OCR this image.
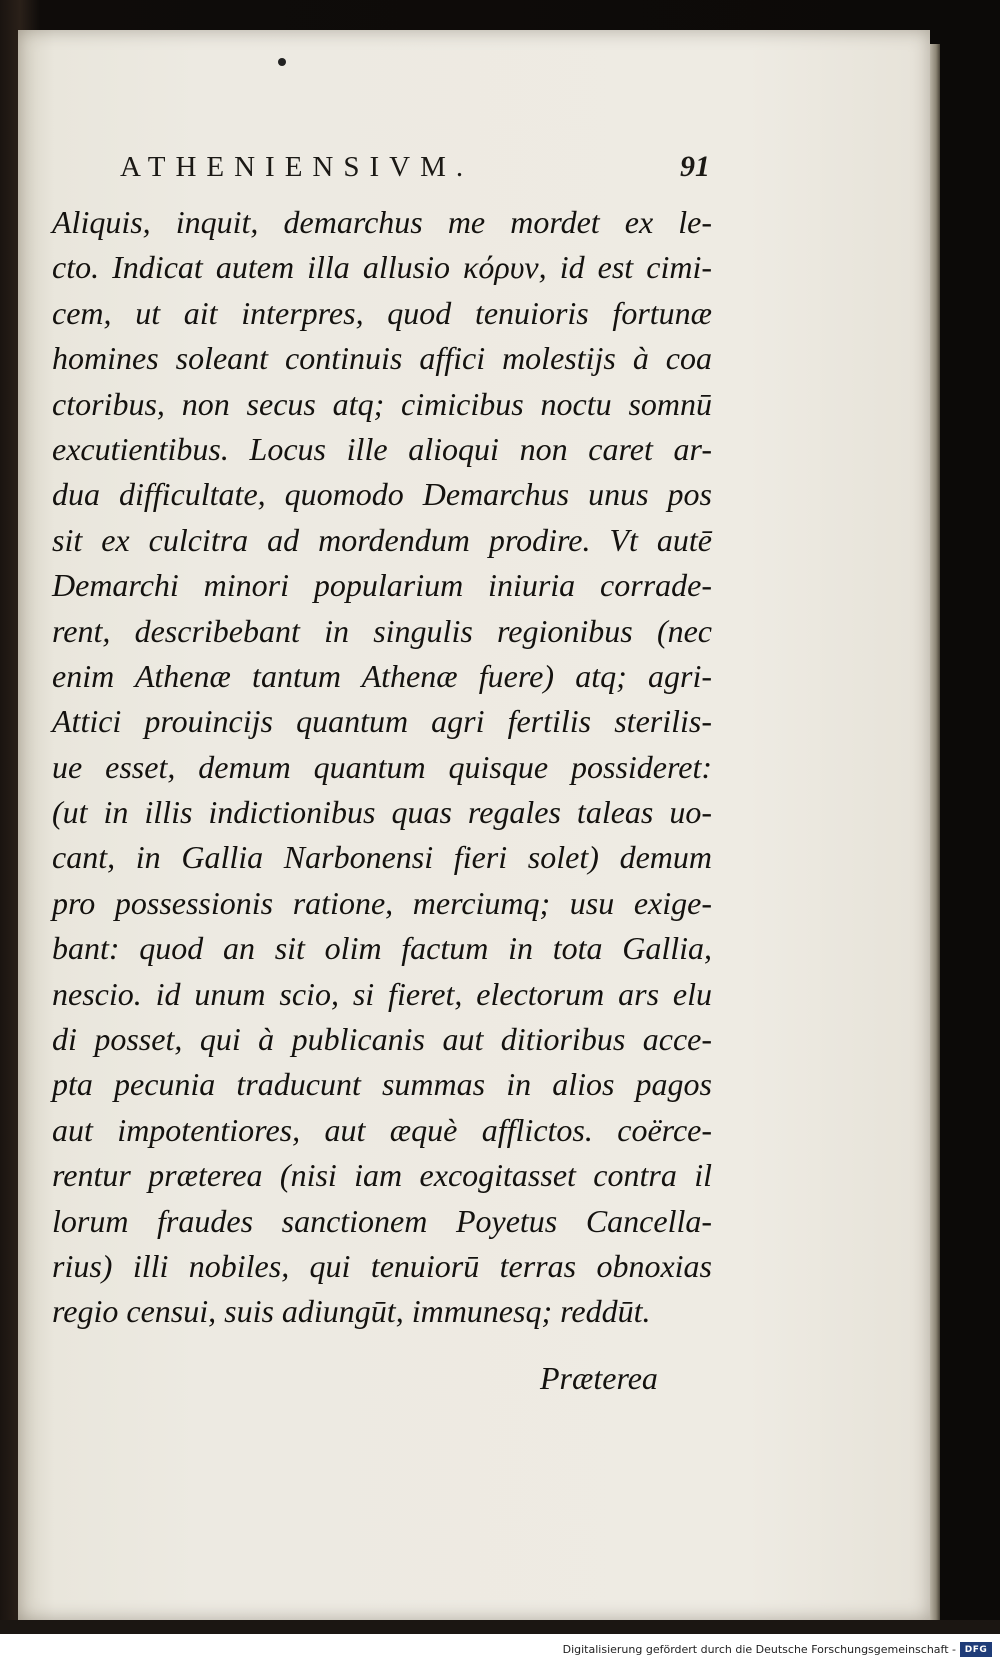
ATHENIENSIVM.	91
Aliquis, inquit, demarchus me mordet ex le-
cto. Indicat autem illa allusio κόρυν, id est cimi-
cem, ut ait interpres, quod tenuioris fortunæ
homines soleant continuis affici molestijs à coa
ctoribus, non secus atq; cimicibus noctu somnū
excutientibus. Locus ille alioqui non caret ar-
dua difficultate, quomodo Demarchus unus pos
sit ex culcitra ad mordendum prodire. Vt autē
Demarchi minori popularium iniuria corrade-
rent, describebant in singulis regionibus (nec
enim Athenæ tantum Athenæ fuere) atq; agri-
Attici prouincijs quantum agri fertilis sterilis-
ue esset, demum quantum quisque possideret:
(ut in illis indictionibus quas regales taleas uo-
cant, in Gallia Narbonensi fieri solet) demum
pro possessionis ratione, merciumq; usu exige-
bant: quod an sit olim factum in tota Gallia,
nescio. id unum scio, si fieret, electorum ars elu
di posset, qui à publicanis aut ditioribus acce-
pta pecunia traducunt summas in alios pagos
aut impotentiores, aut æquè afflictos. coërce-
rentur præterea (nisi iam excogitasset contra il
lorum fraudes sanctionem Poyetus Cancella-
rius) illi nobiles, qui tenuiorū terras obnoxias
regio censui, suis adiungūt, immunesq; reddūt.
Præterea
Digitalisierung gefördert durch die Deutsche Forschungsgemeinschaft - DFG
